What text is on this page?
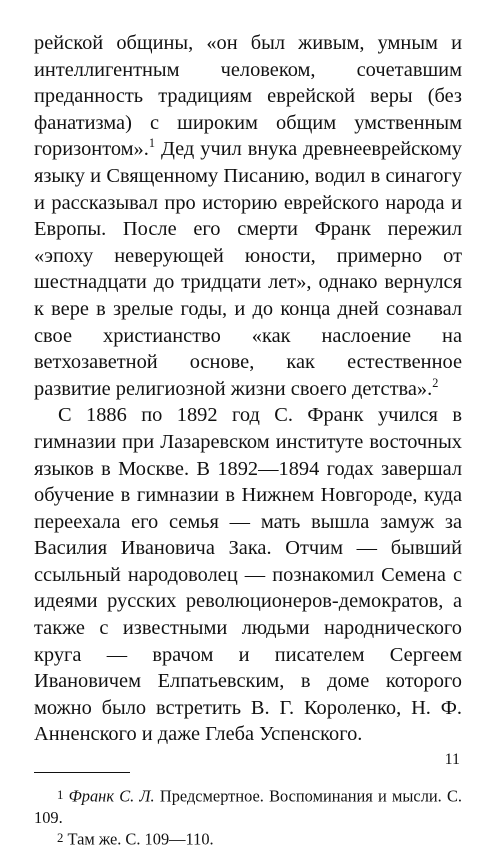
рейской общины, «он был живым, умным и интеллигентным человеком, сочетавшим преданность традициям еврейской веры (без фанатизма) с широким общим умственным горизонтом».$^1$ Дед учил внука древнееврейскому языку и Священному Писанию, водил в синагогу и рассказывал про историю еврейского народа и Европы. После его смерти Франк пережил «эпоху неверующей юности, примерно от шестнадцати до тридцати лет», однако вернулся к вере в зрелые годы, и до конца дней сознавал свое христианство «как наслоение на ветхозаветной основе, как естественное развитие религиозной жизни своего детства».$^2$

С 1886 по 1892 год С. Франк учился в гимназии при Лазаревском институте восточных языков в Москве. В 1892—1894 годах завершал обучение в гимназии в Нижнем Новгороде, куда переехала его семья — мать вышла замуж за Василия Ивановича Зака. Отчим — бывший ссыльный народоволец — познакомил Семена с идеями русских революционеров-демократов, а также с известными людьми народнического круга — врачом и писателем Сергеем Ивановичем Елпатьевским, в доме которого можно было встретить В. Г. Короленко, Н. Ф. Анненского и даже Глеба Успенского.

1 Франк С. Л. Предсмертное. Воспоминания и мысли. С. 109.

2 Там же. С. 109—110.

11
